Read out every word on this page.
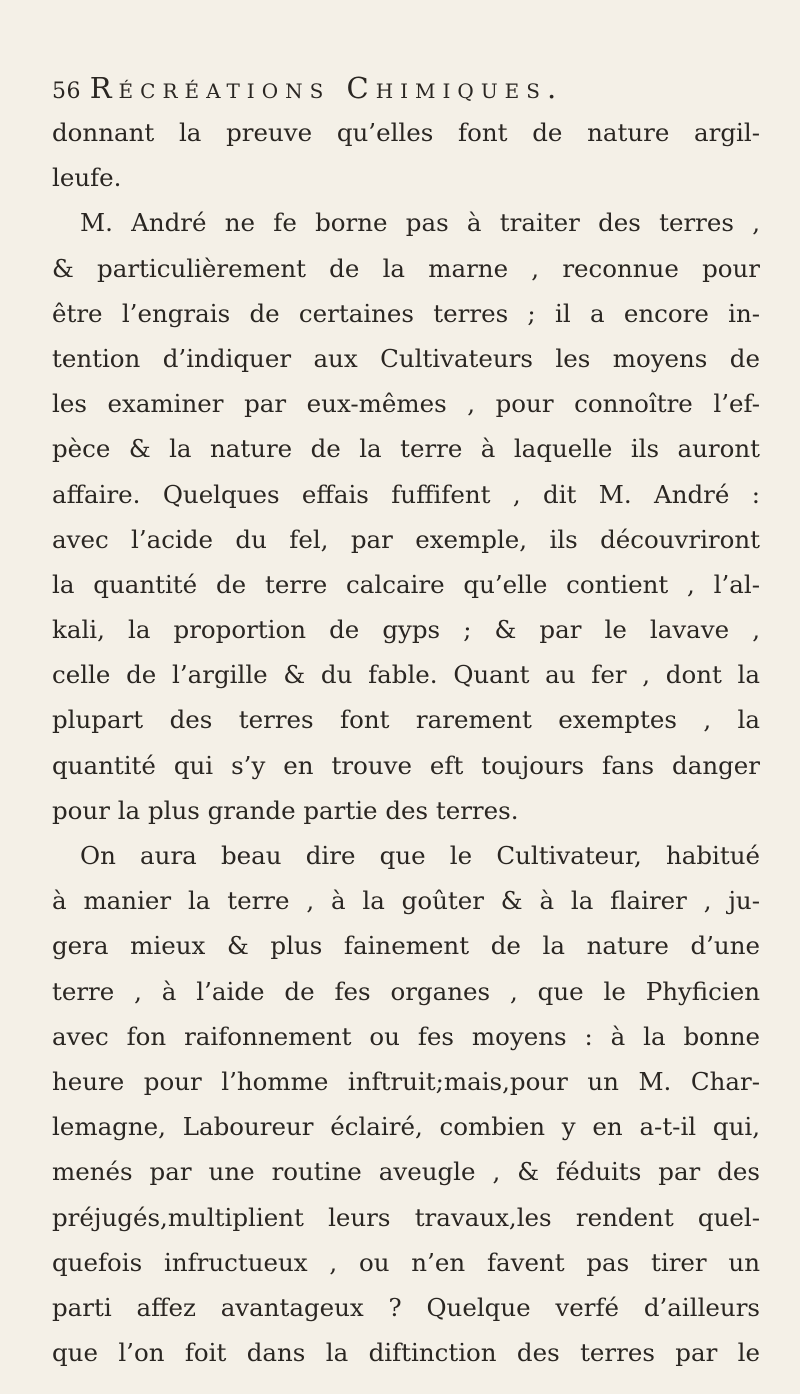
56 Récréations Chimiques.
donnant la preuve qu’elles font de nature argil-
leufe.
M. André ne fe borne pas à traiter des terres ,
& particulièrement de la marne , reconnue pour
être l’engrais de certaines terres ; il a encore in-
tention d’indiquer aux Cultivateurs les moyens de
les examiner par eux-mêmes , pour connoître l’ef-
pèce & la nature de la terre à laquelle ils auront
affaire. Quelques effais fuffifent , dit M. André :
avec l’acide du fel, par exemple, ils découvriront
la quantité de terre calcaire qu’elle contient , l’al-
kali, la proportion de gyps ; & par le lavave ,
celle de l’argille & du fable. Quant au fer , dont la
plupart des terres font rarement exemptes , la
quantité qui s’y en trouve eft toujours fans danger
pour la plus grande partie des terres.
On aura beau dire que le Cultivateur, habitué
à manier la terre , à la goûter & à la flairer , ju-
gera mieux & plus fainement de la nature d’une
terre , à l’aide de fes organes , que le Phyficien
avec fon raifonnement ou fes moyens : à la bonne
heure pour l’homme inftruit;mais,pour un M. Char-
lemagne, Laboureur éclairé, combien y en a-t-il qui,
menés par une routine aveugle , & féduits par des
préjugés,multiplient leurs travaux,les rendent quel-
quefois infructueux , ou n’en favent pas tirer un
parti affez avantageux ? Quelque verfé d’ailleurs
que l’on foit dans la diftinction des terres par le
